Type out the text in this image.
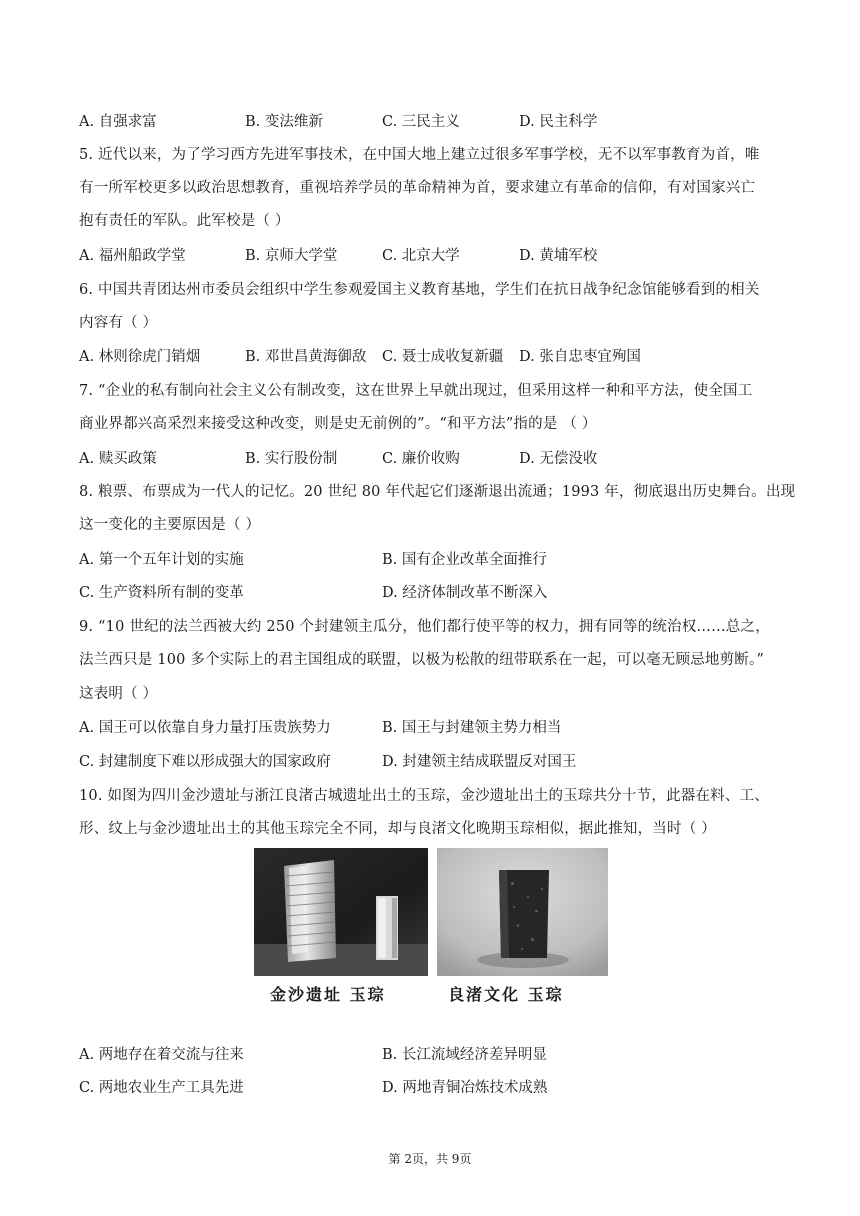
A. 自强求富	B. 变法维新	C. 三民主义	D. 民主科学
5. 近代以来，为了学习西方先进军事技术，在中国大地上建立过很多军事学校，无不以军事教育为首，唯
有一所军校更多以政治思想教育，重视培养学员的革命精神为首，要求建立有革命的信仰，有对国家兴亡
抱有责任的军队。此军校是（ ）
A. 福州船政学堂	B. 京师大学堂	C. 北京大学	D. 黄埔军校
6. 中国共青团达州市委员会组织中学生参观爱国主义教育基地，学生们在抗日战争纪念馆能够看到的相关
内容有（ ）
A. 林则徐虎门销烟	B. 邓世昌黄海御敌 C. 聂士成收复新疆 D. 张自忠枣宜殉国
7. “企业的私有制向社会主义公有制改变，这在世界上早就出现过，但采用这样一种和平方法，使全国工
商业界都兴高采烈来接受这种改变，则是史无前例的”。“和平方法”指的是 （ ）
A. 赎买政策	B. 实行股份制	C. 廉价收购	D. 无偿没收
8. 粮票、布票成为一代人的记忆。20 世纪 80 年代起它们逐渐退出流通；1993 年，彻底退出历史舞台。出现
这一变化的主要原因是（ ）
A. 第一个五年计划的实施	B. 国有企业改革全面推行
C. 生产资料所有制的变革	D. 经济体制改革不断深入
9. “10 世纪的法兰西被大约 250 个封建领主瓜分，他们都行使平等的权力，拥有同等的统治权……总之，
法兰西只是 100 多个实际上的君主国组成的联盟，以极为松散的纽带联系在一起，可以毫无顾忌地剪断。”
这表明（ ）
A. 国王可以依靠自身力量打压贵族势力	B. 国王与封建领主势力相当
C. 封建制度下难以形成强大的国家政府	D. 封建领主结成联盟反对国王
10. 如图为四川金沙遗址与浙江良渚古城遗址出土的玉琮，金沙遗址出土的玉琮共分十节，此器在料、工、
形、纹上与金沙遗址出土的其他玉琮完全不同，却与良渚文化晚期玉琮相似，据此推知，当时（ ）
金沙遗址 玉琮	良渚文化 玉琮
A. 两地存在着交流与往来	B. 长江流域经济差异明显
C. 两地农业生产工具先进	D. 两地青铜冶炼技术成熟
第 2页，共 9页
